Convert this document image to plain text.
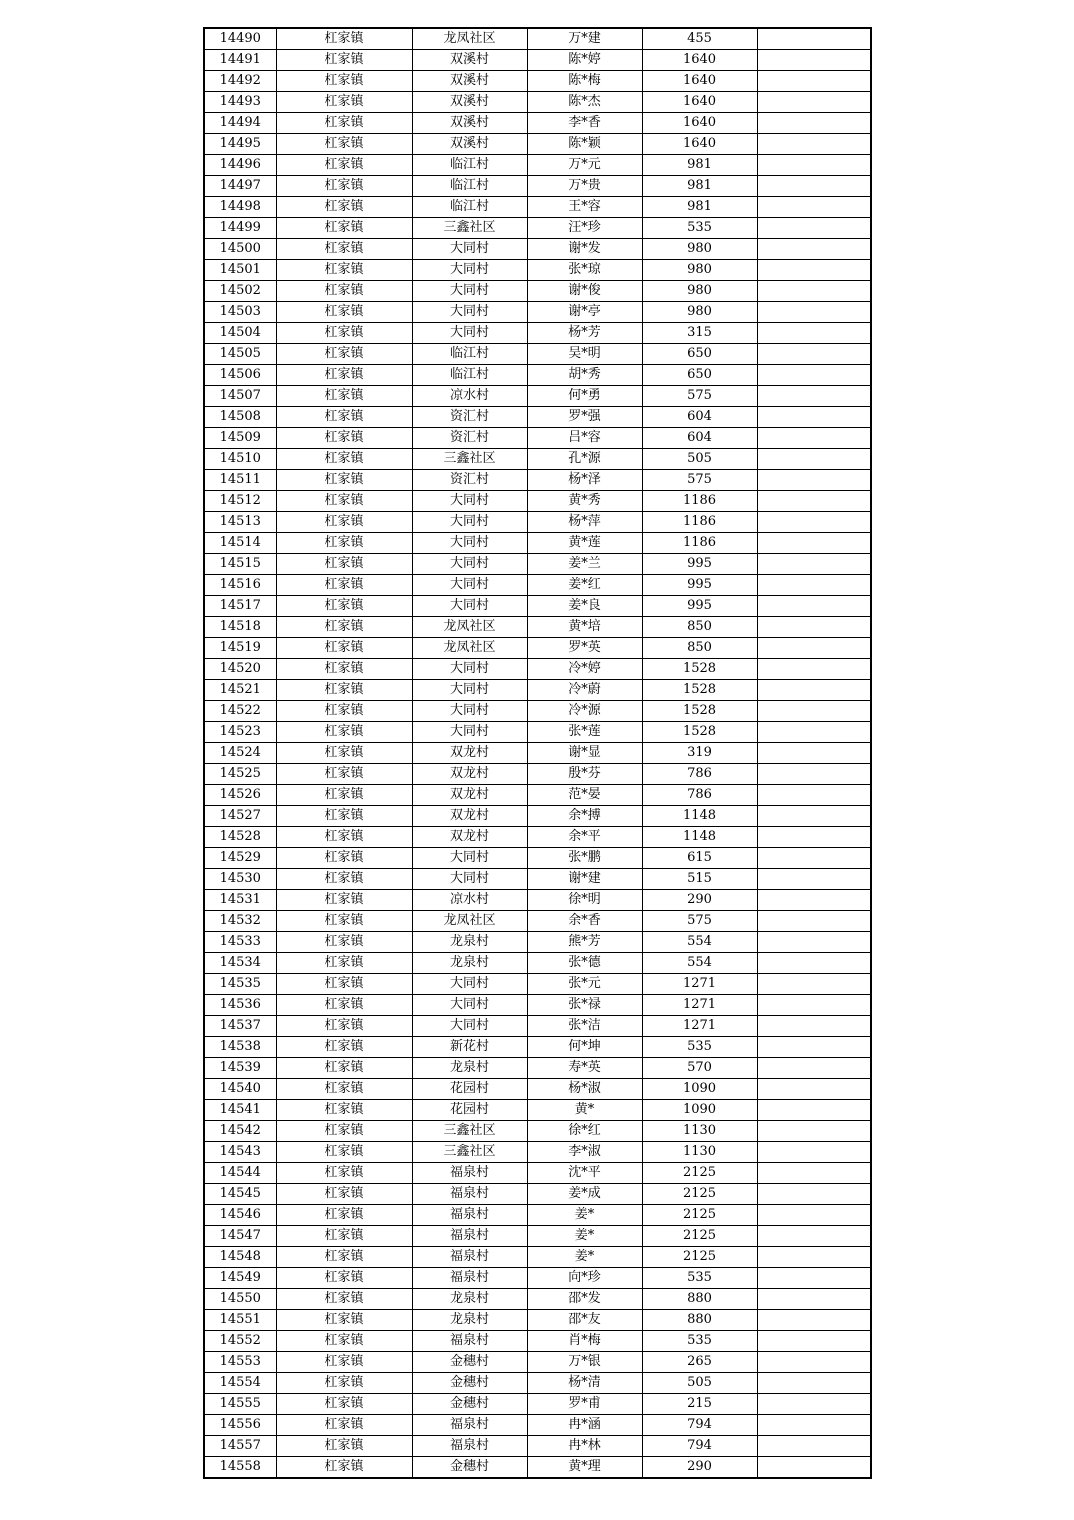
14490	杠家镇	龙凤社区	万*建	455	
14491	杠家镇	双溪村	陈*婷	1640	
14492	杠家镇	双溪村	陈*梅	1640	
14493	杠家镇	双溪村	陈*杰	1640	
14494	杠家镇	双溪村	李*香	1640	
14495	杠家镇	双溪村	陈*颖	1640	
14496	杠家镇	临江村	万*元	981	
14497	杠家镇	临江村	万*贵	981	
14498	杠家镇	临江村	王*容	981	
14499	杠家镇	三鑫社区	汪*珍	535	
14500	杠家镇	大同村	谢*发	980	
14501	杠家镇	大同村	张*琼	980	
14502	杠家镇	大同村	谢*俊	980	
14503	杠家镇	大同村	谢*亭	980	
14504	杠家镇	大同村	杨*芳	315	
14505	杠家镇	临江村	吴*明	650	
14506	杠家镇	临江村	胡*秀	650	
14507	杠家镇	凉水村	何*勇	575	
14508	杠家镇	资汇村	罗*强	604	
14509	杠家镇	资汇村	吕*容	604	
14510	杠家镇	三鑫社区	孔*源	505	
14511	杠家镇	资汇村	杨*泽	575	
14512	杠家镇	大同村	黄*秀	1186	
14513	杠家镇	大同村	杨*萍	1186	
14514	杠家镇	大同村	黄*莲	1186	
14515	杠家镇	大同村	姜*兰	995	
14516	杠家镇	大同村	姜*红	995	
14517	杠家镇	大同村	姜*良	995	
14518	杠家镇	龙凤社区	黄*培	850	
14519	杠家镇	龙凤社区	罗*英	850	
14520	杠家镇	大同村	冷*婷	1528	
14521	杠家镇	大同村	冷*蔚	1528	
14522	杠家镇	大同村	冷*源	1528	
14523	杠家镇	大同村	张*莲	1528	
14524	杠家镇	双龙村	谢*显	319	
14525	杠家镇	双龙村	殷*芬	786	
14526	杠家镇	双龙村	范*晏	786	
14527	杠家镇	双龙村	余*搏	1148	
14528	杠家镇	双龙村	余*平	1148	
14529	杠家镇	大同村	张*鹏	615	
14530	杠家镇	大同村	谢*建	515	
14531	杠家镇	凉水村	徐*明	290	
14532	杠家镇	龙凤社区	余*香	575	
14533	杠家镇	龙泉村	熊*芳	554	
14534	杠家镇	龙泉村	张*德	554	
14535	杠家镇	大同村	张*元	1271	
14536	杠家镇	大同村	张*禄	1271	
14537	杠家镇	大同村	张*洁	1271	
14538	杠家镇	新花村	何*坤	535	
14539	杠家镇	龙泉村	寿*英	570	
14540	杠家镇	花园村	杨*淑	1090	
14541	杠家镇	花园村	黄*	1090	
14542	杠家镇	三鑫社区	徐*红	1130	
14543	杠家镇	三鑫社区	李*淑	1130	
14544	杠家镇	福泉村	沈*平	2125	
14545	杠家镇	福泉村	姜*成	2125	
14546	杠家镇	福泉村	姜*	2125	
14547	杠家镇	福泉村	姜*	2125	
14548	杠家镇	福泉村	姜*	2125	
14549	杠家镇	福泉村	向*珍	535	
14550	杠家镇	龙泉村	邵*发	880	
14551	杠家镇	龙泉村	邵*友	880	
14552	杠家镇	福泉村	肖*梅	535	
14553	杠家镇	金穗村	万*银	265	
14554	杠家镇	金穗村	杨*清	505	
14555	杠家镇	金穗村	罗*甫	215	
14556	杠家镇	福泉村	冉*涵	794	
14557	杠家镇	福泉村	冉*林	794	
14558	杠家镇	金穗村	黄*理	290	
